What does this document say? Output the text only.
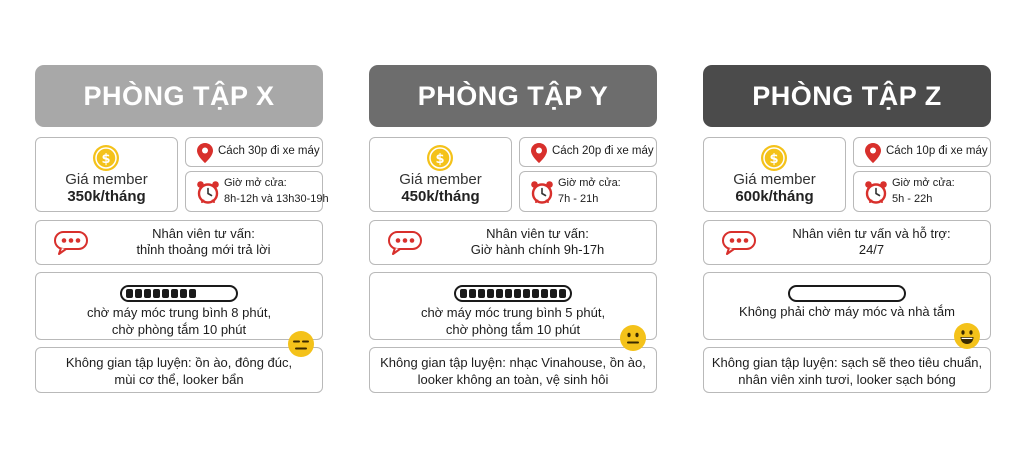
PHÒNG TẬP X
$
Giá member
350k/tháng
Cách 30p đi xe máy
Giờ mở cửa:
8h-12h và 13h30-19h
Nhân viên tư vấn:
thỉnh thoảng mới trả lời
chờ máy móc trung bình 8 phút,
chờ phòng tắm 10 phút
Không gian tập luyện: ồn ào, đông đúc,
mùi cơ thể, looker bẩn
PHÒNG TẬP Y
$
Giá member
450k/tháng
Cách 20p đi xe máy
Giờ mở cửa:
7h - 21h
Nhân viên tư vấn:
Giờ hành chính 9h-17h
chờ máy móc trung bình 5 phút,
chờ phòng tắm 10 phút
Không gian tập luyện: nhạc Vinahouse, ồn ào,
looker không an toàn, vệ sinh hôi
PHÒNG TẬP Z
$
Giá member
600k/tháng
Cách 10p đi xe máy
Giờ mở cửa:
5h - 22h
Nhân viên tư vấn và hỗ trợ:
24/7
Không phải chờ máy móc và nhà tắm
Không gian tập luyện: sạch sẽ theo tiêu chuẩn,
nhân viên xinh tươi, looker sạch bóng
